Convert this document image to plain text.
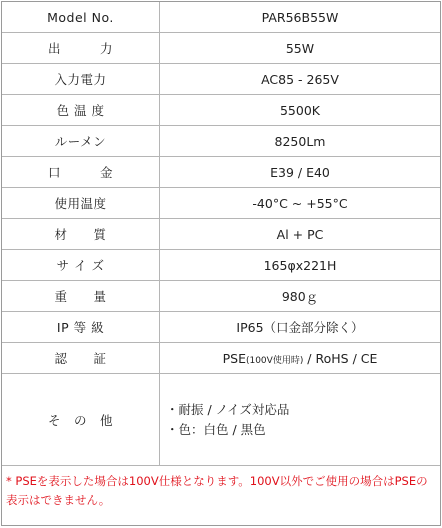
Model No.	PAR56B55W
出　　　力	55W
入力電力	AC85 - 265V
色 温 度	5500K
ルーメン	8250Lm
口　　　金	E39 / E40
使用温度	-40°C ~ +55°C
材　　質	Al + PC
サ イ ズ	165φx221H
重　　量	980ｇ
IP 等 級	IP65（口金部分除く）
認　　証	PSE(100V使用時) / RoHS / CE
そ　の　他	・耐振 / ノイズ対応品
・色：白色 / 黒色
* PSEを表示した場合は100V仕様となります。100V以外でご使用の場合はPSEの表示はできません。
